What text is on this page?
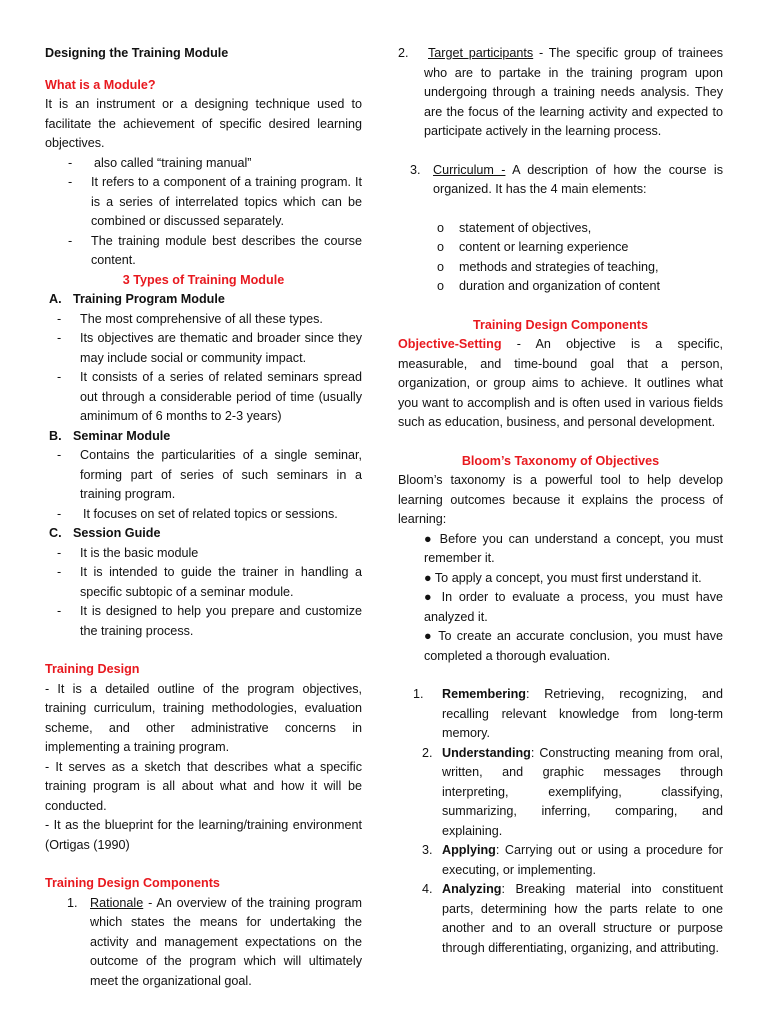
Designing the Training Module

What is a Module?

It is an instrument or a designing technique used to facilitate the achievement of specific desired learning objectives.

-	also called “training manual”
-	It refers to a component of a training program. It is a series of interrelated topics which can be combined or discussed separately.
-	The training module best describes the course content.

3 Types of Training Module

A. Training Program Module
-	The most comprehensive of all these types.
-	Its objectives are thematic and broader since they may include social or community impact.
-	It consists of a series of related seminars spread out through a considerable period of time (usually aminimum of 6 months to 2-3 years)
B. Seminar Module
-	Contains the particularities of a single seminar, forming part of series of such seminars in a training program.
-	It focuses on set of related topics or sessions.
C. Session Guide
-	It is the basic module
-	It is intended to guide the trainer in handling a specific subtopic of a seminar module.
-	It is designed to help you prepare and customize the training process.

Training Design

- It is a detailed outline of the program objectives, training curriculum, training methodologies, evaluation scheme, and other administrative concerns in implementing a training program.

- It serves as a sketch that describes what a specific training program is all about what and how it will be conducted.

- It as the blueprint for the learning/training environment (Ortigas (1990)

Training Design Components

1. Rationale - An overview of the training program which states the means for undertaking the activity and management expectations on the outcome of the program which will ultimately meet the organizational goal.
2.	Target participants - The specific group of trainees who are to partake in the training program upon undergoing through a training needs analysis. They are the focus of the learning activity and expected to participate actively in the learning process.
3. Curriculum - A description of how the course is organized. It has the 4 main elements:
o	statement of objectives,
o	content or learning experience
o	methods and strategies of teaching,
o	duration and organization of content

Training Design Components

Objective-Setting - An objective is a specific, measurable, and time-bound goal that a person, organization, or group aims to achieve. It outlines what you want to accomplish and is often used in various fields such as education, business, and personal development.

Bloom’s Taxonomy of Objectives

Bloom’s taxonomy is a powerful tool to help develop learning outcomes because it explains the process of learning:

● Before you can understand a concept, you must remember it.
● To apply a concept, you must first understand it.
● In order to evaluate a process, you must have analyzed it.
● To create an accurate conclusion, you must have completed a thorough evaluation.
1.	Remembering: Retrieving, recognizing, and recalling relevant knowledge from long-term memory.
2. Understanding: Constructing meaning from oral, written, and graphic messages through interpreting, exemplifying, classifying, summarizing, inferring, comparing, and explaining.
3. Applying: Carrying out or using a procedure for executing, or implementing.
4. Analyzing: Breaking material into constituent parts, determining how the parts relate to one another and to an overall structure or purpose through differentiating, organizing, and attributing.
